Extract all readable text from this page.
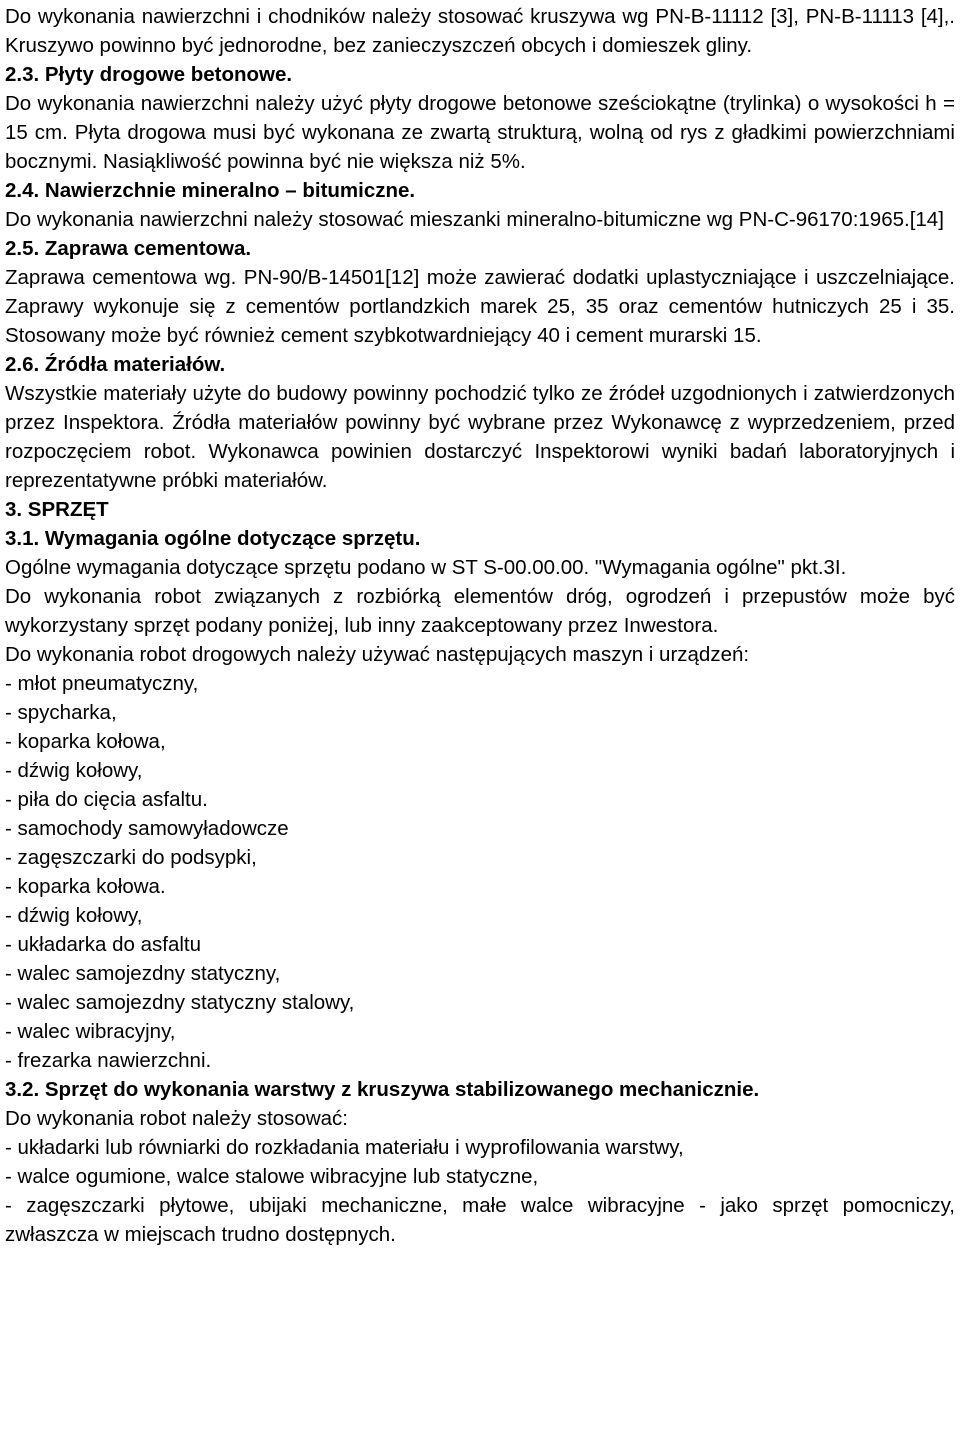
Do wykonania nawierzchni i chodników należy stosować kruszywa wg PN-B-11112 [3], PN-B-11113 [4],. Kruszywo powinno być jednorodne, bez zanieczyszczeń obcych i domieszek gliny.

2.3. Płyty drogowe betonowe.

Do wykonania nawierzchni należy użyć płyty drogowe betonowe sześciokątne (trylinka) o wysokości h = 15 cm. Płyta drogowa musi być wykonana ze zwartą strukturą, wolną od rys z gładkimi powierzchniami bocznymi. Nasiąkliwość powinna być nie większa niż 5%.

2.4. Nawierzchnie mineralno – bitumiczne.

Do wykonania nawierzchni należy stosować mieszanki mineralno-bitumiczne wg PN-C-96170:1965.[14]

2.5. Zaprawa cementowa.

Zaprawa cementowa wg. PN-90/B-14501[12] może zawierać dodatki uplastyczniające i uszczelniające. Zaprawy wykonuje się z cementów portlandzkich marek 25, 35 oraz cementów hutniczych 25 i 35. Stosowany może być również cement szybkotwardniejący 40 i cement murarski 15.

2.6. Źródła materiałów.

Wszystkie materiały użyte do budowy powinny pochodzić tylko ze źródeł uzgodnionych i zatwierdzonych przez Inspektora. Źródła materiałów powinny być wybrane przez Wykonawcę z wyprzedzeniem, przed rozpoczęciem robot. Wykonawca powinien dostarczyć Inspektorowi wyniki badań laboratoryjnych i reprezentatywne próbki materiałów.

3. SPRZĘT

3.1. Wymagania ogólne dotyczące sprzętu.

Ogólne wymagania dotyczące sprzętu podano w ST S-00.00.00. "Wymagania ogólne" pkt.3I.

Do wykonania robot związanych z rozbiórką elementów dróg, ogrodzeń i przepustów może być wykorzystany sprzęt podany poniżej, lub inny zaakceptowany przez Inwestora.

Do wykonania robot drogowych należy używać następujących maszyn i urządzeń:

- młot pneumatyczny,

- spycharka,

- koparka kołowa,

- dźwig kołowy,

- piła do cięcia asfaltu.

- samochody samowyładowcze

- zagęszczarki do podsypki,

- koparka kołowa.

- dźwig kołowy,

- układarka do asfaltu

- walec samojezdny statyczny,

- walec samojezdny statyczny stalowy,

- walec wibracyjny,

- frezarka nawierzchni.

3.2. Sprzęt do wykonania warstwy z kruszywa stabilizowanego mechanicznie.

Do wykonania robot należy stosować:

- układarki lub równiarki do rozkładania materiału i wyprofilowania warstwy,

- walce ogumione, walce stalowe wibracyjne lub statyczne,

- zagęszczarki płytowe, ubijaki mechaniczne, małe walce wibracyjne - jako sprzęt pomocniczy, zwłaszcza w miejscach trudno dostępnych.
